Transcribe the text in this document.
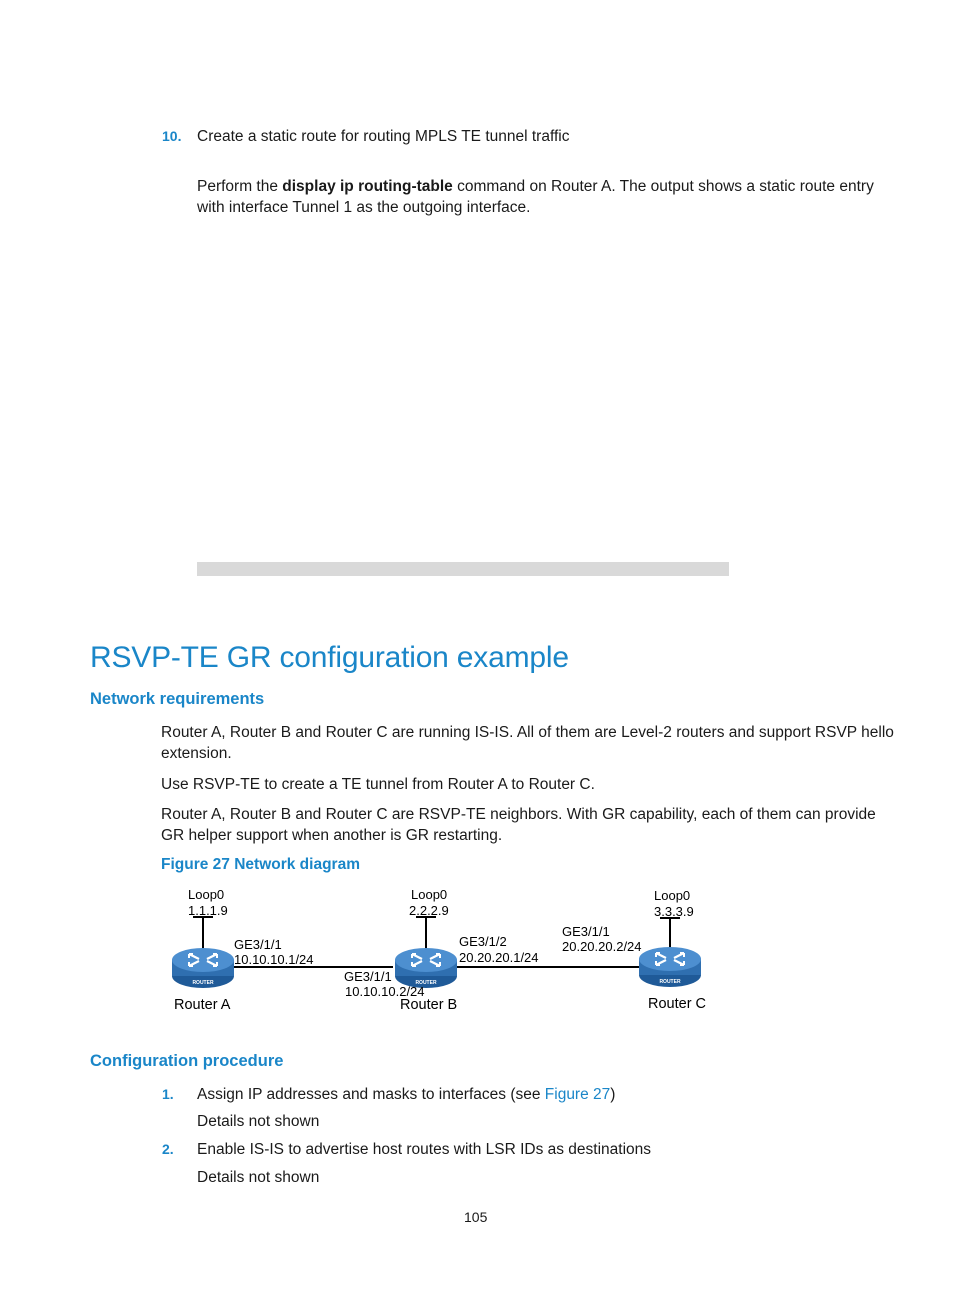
10. Create a static route for routing MPLS TE tunnel traffic
Perform the display ip routing-table command on Router A. The output shows a static route entry
with interface Tunnel 1 as the outgoing interface.
RSVP-TE GR configuration example
Network requirements
Router A, Router B and Router C are running IS-IS. All of them are Level-2 routers and support RSVP hello
extension.
Use RSVP-TE to create a TE tunnel from Router A to Router C.
Router A, Router B and Router C are RSVP-TE neighbors. With GR capability, each of them can provide
GR helper support when another is GR restarting.
Figure 27 Network diagram
ROUTER	ROUTER	ROUTER
Loop0
1.1.1.9
GE3/1/1
10.10.10.1/24
Router A
Loop0
2.2.2.9
GE3/1/1
10.10.10.2/24
GE3/1/2
20.20.20.1/24
Router B
Loop0
3.3.3.9
GE3/1/1
20.20.20.2/24
Router C
Configuration procedure
1. Assign IP addresses and masks to interfaces (see Figure 27)
Details not shown
2. Enable IS-IS to advertise host routes with LSR IDs as destinations
Details not shown
105
